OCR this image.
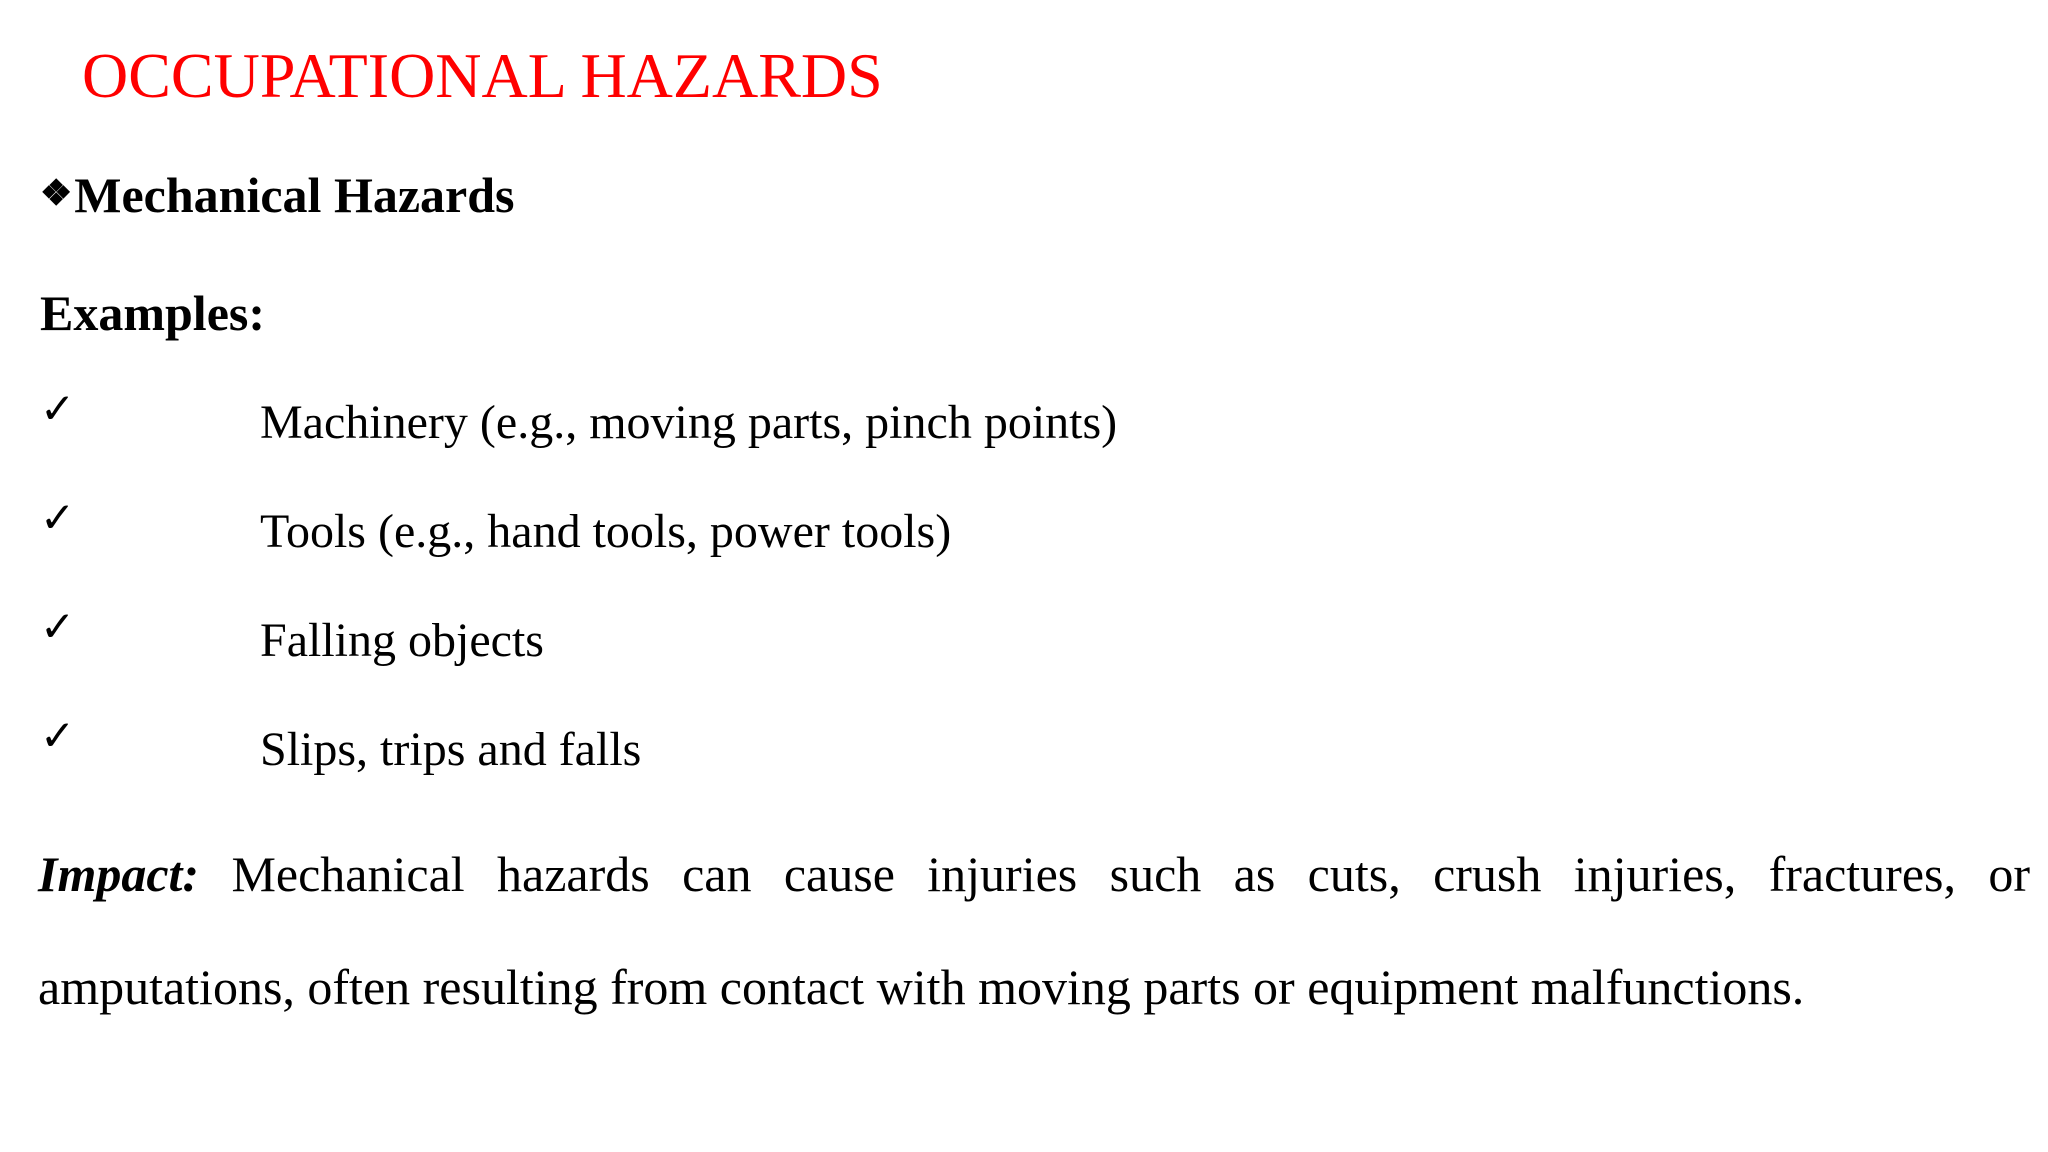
OCCUPATIONAL HAZARDS
❖Mechanical Hazards
Examples:
✓	Machinery (e.g., moving parts, pinch points)
✓	Tools (e.g., hand tools, power tools)
✓	Falling objects
✓	Slips, trips and falls
Impact: Mechanical hazards can cause injuries such as cuts, crush injuries, fractures, or amputations, often resulting from contact with moving parts or equipment malfunctions.
